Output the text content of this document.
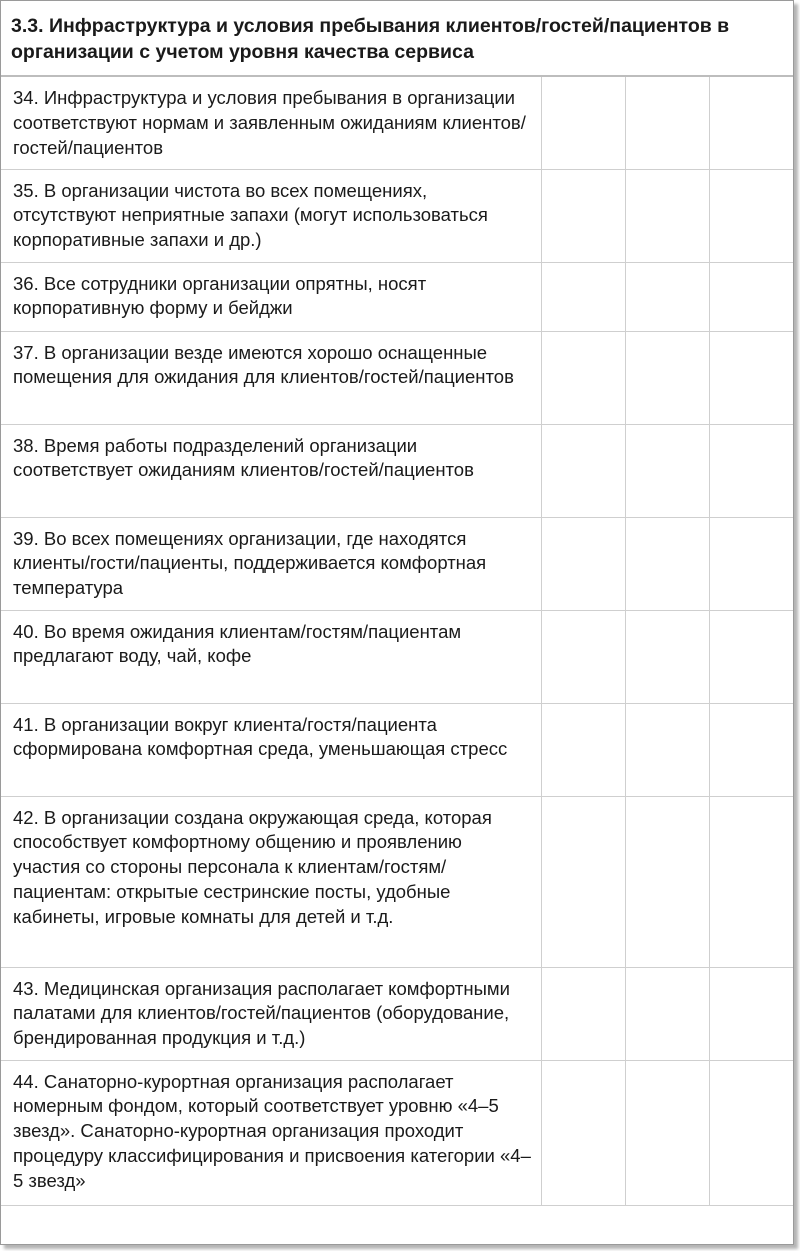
3.3. Инфраструктура и условия пребывания клиентов/гостей/пациентов в организации с учетом уровня качества сервиса			
34. Инфраструктура и условия пребывания в организации соответствуют нормам и заявленным ожиданиям клиентов/гостей/пациентов			
35. В организации чистота во всех помещениях, отсутствуют неприятные запахи (могут использоваться корпоративные запахи и др.)			
36. Все сотрудники организации опрятны, носят корпоративную форму и бейджи			
37. В организации везде имеются хорошо оснащенные помещения для ожидания для клиентов/гостей/пациентов			
38. Время работы подразделений организации соответствует ожиданиям клиентов/гостей/пациентов			
39. Во всех помещениях организации, где находятся клиенты/гости/пациенты, поддерживается комфортная температура			
40. Во время ожидания клиентам/гостям/пациентам предлагают воду, чай, кофе			
41. В организации вокруг клиента/гостя/пациента сформирована комфортная среда, уменьшающая стресс			
42. В организации создана окружающая среда, которая способствует комфортному общению и проявлению участия со стороны персонала к клиентам/гостям/пациентам: открытые сестринские посты, удобные кабинеты, игровые комнаты для детей и т.д.			
43. Медицинская организация располагает комфортными палатами для клиентов/гостей/пациентов (оборудование, брендированная продукция и т.д.)			
44. Санаторно-курортная организация располагает номерным фондом, который соответствует уровню «4–5 звезд». Санаторно-курортная организация проходит процедуру классифицирования и присвоения категории «4–5 звезд»			
